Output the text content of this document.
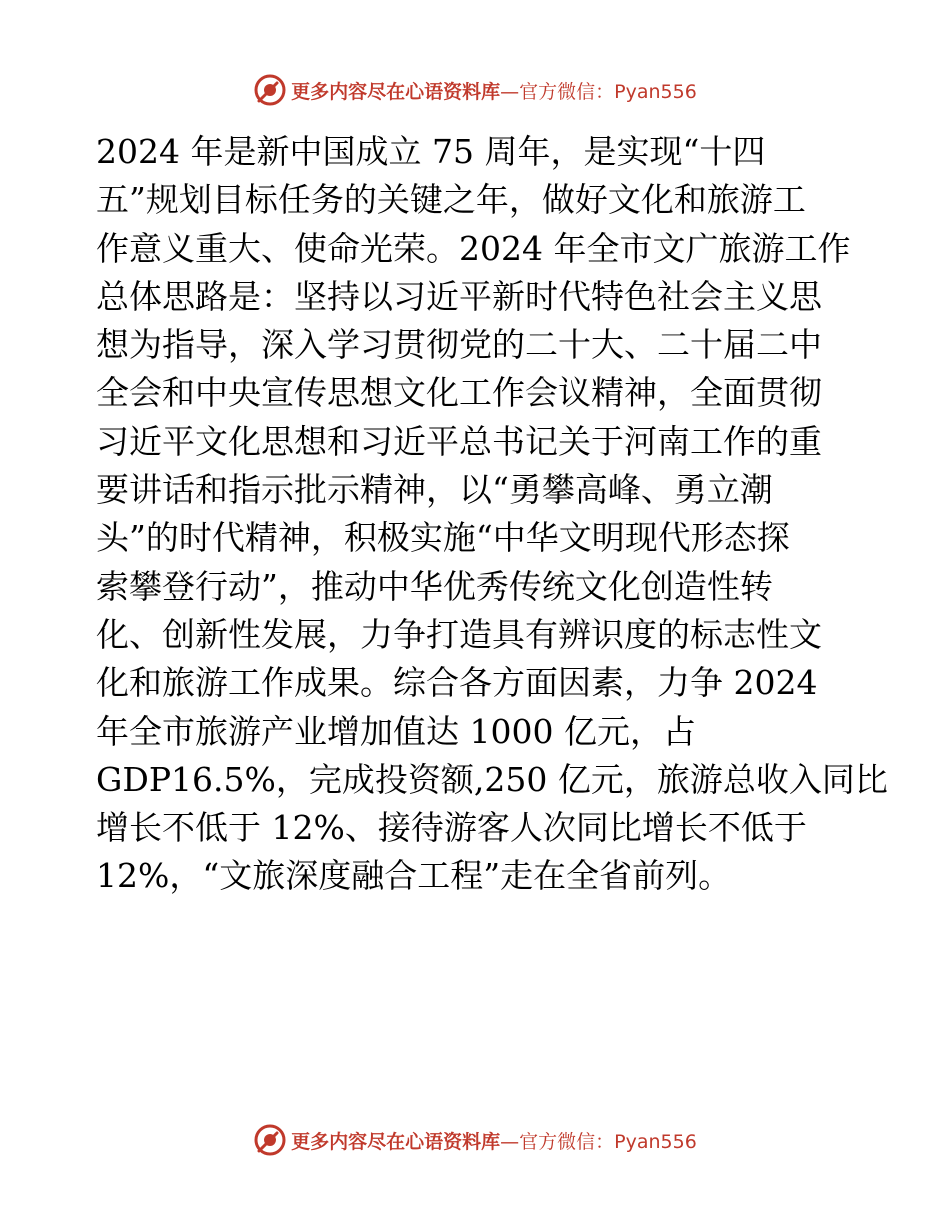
更多内容尽在心语资料库—官方微信：Pyan556
2024 年是新中国成立 75 周年，是实现“十四
五”规划目标任务的关键之年，做好文化和旅游工
作意义重大、使命光荣。2024 年全市文广旅游工作
总体思路是：坚持以习近平新时代特色社会主义思
想为指导，深入学习贯彻党的二十大、二十届二中
全会和中央宣传思想文化工作会议精神，全面贯彻
习近平文化思想和习近平总书记关于河南工作的重
要讲话和指示批示精神，以“勇攀高峰、勇立潮
头”的时代精神，积极实施“中华文明现代形态探
索攀登行动”，推动中华优秀传统文化创造性转
化、创新性发展，力争打造具有辨识度的标志性文
化和旅游工作成果。综合各方面因素，力争 2024
年全市旅游产业增加值达 1000 亿元，占
GDP16.5%，完成投资额,250 亿元，旅游总收入同比
增长不低于 12%、接待游客人次同比增长不低于
12%，“文旅深度融合工程”走在全省前列。
更多内容尽在心语资料库—官方微信：Pyan556
